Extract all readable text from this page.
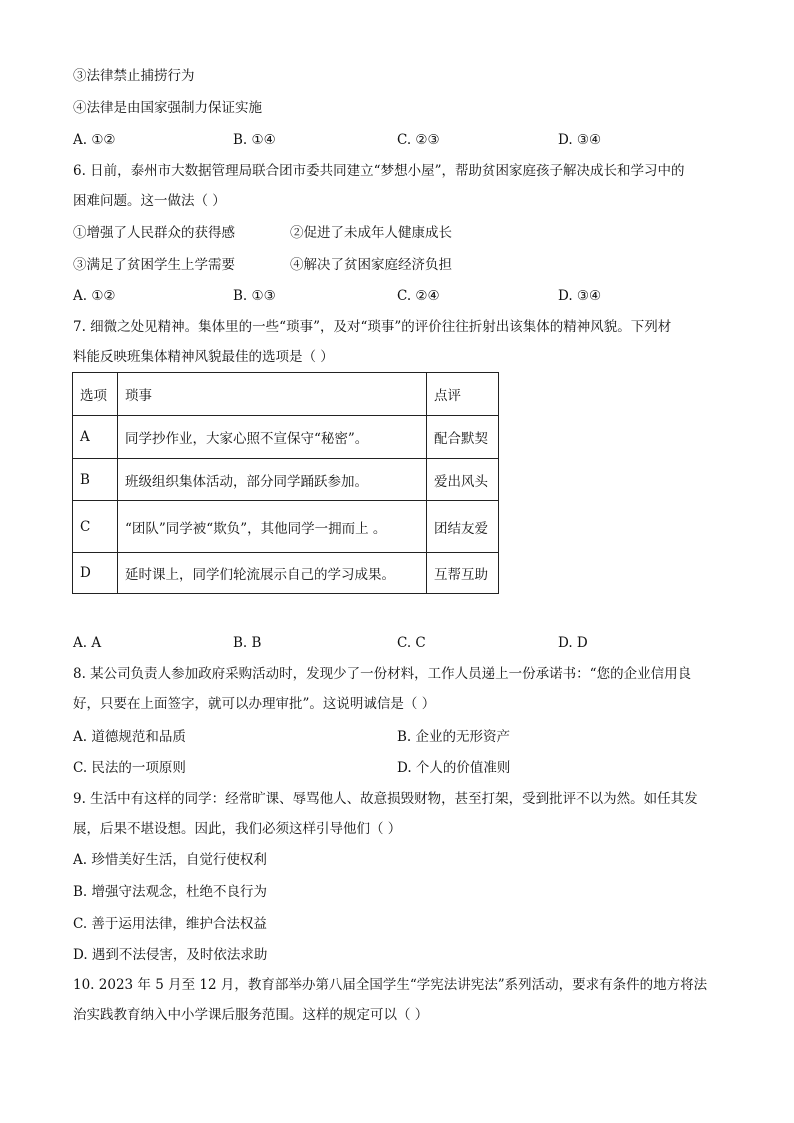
③法律禁止捕捞行为
④法律是由国家强制力保证实施
A. ①②	B. ①④	C. ②③	D. ③④
6. 日前，泰州市大数据管理局联合团市委共同建立“梦想小屋”，帮助贫困家庭孩子解决成长和学习中的
困难问题。这一做法（ ）
①增强了人民群众的获得感	②促进了未成年人健康成长
③满足了贫困学生上学需要	④解决了贫困家庭经济负担
A. ①②	B. ①③	C. ②④	D. ③④
7. 细微之处见精神。集体里的一些“琐事”，及对“琐事”的评价往往折射出该集体的精神风貌。下列材
料能反映班集体精神风貌最佳的选项是（ ）
选项	琐事	点评
A	同学抄作业，大家心照不宣保守“秘密”。	配合默契
B	班级组织集体活动，部分同学踊跃参加。	爱出风头
C	“团队”同学被“欺负”，其他同学一拥而上 。	团结友爱
D	延时课上，同学们轮流展示自己的学习成果。	互帮互助
A. A	B. B	C. C	D. D
8. 某公司负责人参加政府采购活动时，发现少了一份材料，工作人员递上一份承诺书：“您的企业信用良
好，只要在上面签字，就可以办理审批”。这说明诚信是（ ）
A. 道德规范和品质	B. 企业的无形资产
C. 民法的一项原则	D. 个人的价值准则
9. 生活中有这样的同学：经常旷课、辱骂他人、故意损毁财物，甚至打架，受到批评不以为然。如任其发
展，后果不堪设想。因此，我们必须这样引导他们（ ）
A. 珍惜美好生活，自觉行使权利
B. 增强守法观念，杜绝不良行为
C. 善于运用法律，维护合法权益
D. 遇到不法侵害，及时依法求助
10. 2023 年 5 月至 12 月，教育部举办第八届全国学生“学宪法讲宪法”系列活动，要求有条件的地方将法
治实践教育纳入中小学课后服务范围。这样的规定可以（ ）
